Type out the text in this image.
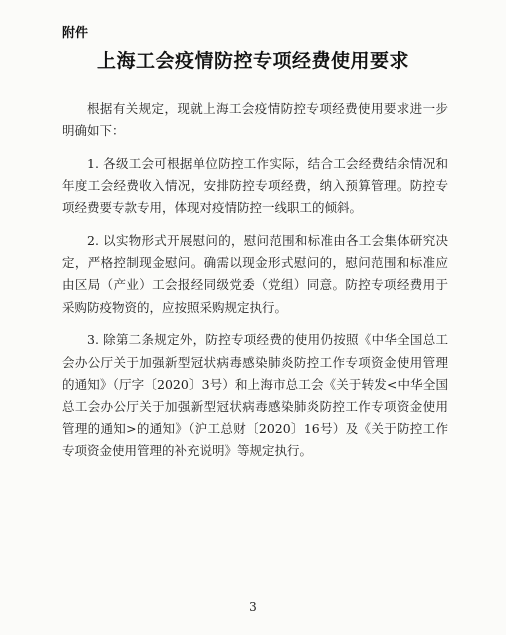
附件

上海工会疫情防控专项经费使用要求

根据有关规定，现就上海工会疫情防控专项经费使用要求进一步明确如下：

1. 各级工会可根据单位防控工作实际，结合工会经费结余情况和年度工会经费收入情况，安排防控专项经费，纳入预算管理。防控专项经费要专款专用，体现对疫情防控一线职工的倾斜。

2. 以实物形式开展慰问的，慰问范围和标准由各工会集体研究决定，严格控制现金慰问。确需以现金形式慰问的，慰问范围和标准应由区局（产业）工会报经同级党委（党组）同意。防控专项经费用于采购防疫物资的，应按照采购规定执行。

3. 除第二条规定外，防控专项经费的使用仍按照《中华全国总工会办公厅关于加强新型冠状病毒感染肺炎防控工作专项资金使用管理的通知》（厅字〔2020〕3号）和上海市总工会《关于转发<中华全国总工会办公厅关于加强新型冠状病毒感染肺炎防控工作专项资金使用管理的通知>的通知》（沪工总财〔2020〕16号）及《关于防控工作专项资金使用管理的补充说明》等规定执行。

3
